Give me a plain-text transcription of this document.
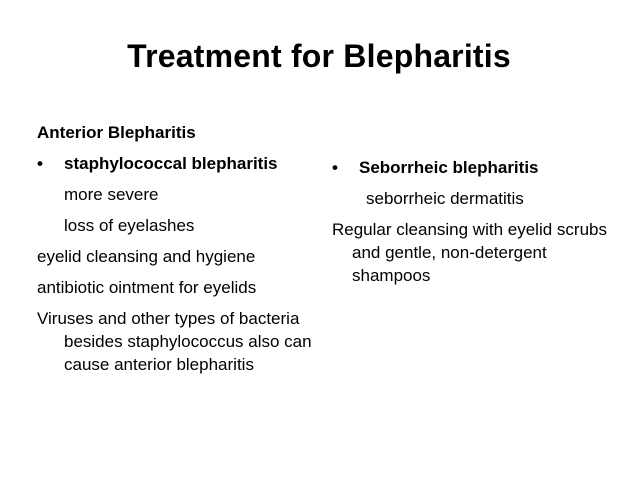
Treatment for Blepharitis
Anterior Blepharitis
• staphylococcal blepharitis
more severe
loss of eyelashes
eyelid cleansing and hygiene
antibiotic ointment for eyelids
Viruses and other types of bacteria besides staphylococcus also can cause anterior blepharitis
• Seborrheic blepharitis
seborrheic dermatitis
Regular cleansing with eyelid scrubs and gentle, non-detergent shampoos
